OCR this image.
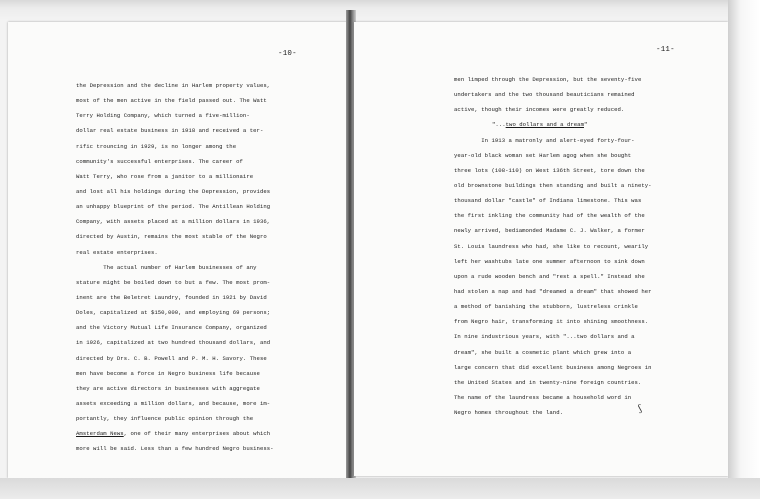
-10-
the Depression and the decline in Harlem property values,
most of the men active in the field passed out. The Watt
Terry Holding Company, which turned a five-million-
dollar real estate business in 1918 and received a ter-
rific trouncing in 1929, is no longer among the
community's successful enterprises. The career of
Watt Terry, who rose from a janitor to a millionaire
and lost all his holdings during the Depression, provides
an unhappy blueprint of the period. The Antillean Holding
Company, with assets placed at a million dollars in 1936,
directed by Austin, remains the most stable of the Negro
real estate enterprises.
The actual number of Harlem businesses of any
stature might be boiled down to but a few. The most prom-
inent are the Beletret Laundry, founded in 1921 by David
Doles, capitalized at $150,000, and employing 69 persons;
and the Victory Mutual Life Insurance Company, organized
in 1926, capitalized at two hundred thousand dollars, and
directed by Drs. C. B. Powell and P. M. H. Savory. These
men have become a force in Negro business life because
they are active directors in businesses with aggregate
assets exceeding a million dollars, and because, more im-
portantly, they influence public opinion through the
Amsterdam News, one of their many enterprises about which
more will be said. Less than a few hundred Negro business-
-11-
men limped through the Depression, but the seventy-five
undertakers and the two thousand beauticians remained
active, though their incomes were greatly reduced.
"...two dollars and a dream"
In 1913 a matronly and alert-eyed forty-four-
year-old black woman set Harlem agog when she bought
three lots (108-110) on West 136th Street, tore down the
old brownstone buildings then standing and built a ninety-
thousand dollar "castle" of Indiana limestone. This was
the first inkling the community had of the wealth of the
newly arrived, bediamonded Madame C. J. Walker, a former
St. Louis laundress who had, she like to recount, wearily
left her washtubs late one summer afternoon to sink down
upon a rude wooden bench and "rest a spell." Instead she
had stolen a nap and had "dreamed a dream" that showed her
a method of banishing the stubborn, lustreless crinkle
from Negro hair, transforming it into shining smoothness.
In nine industrious years, with "...two dollars and a
dream", she built a cosmetic plant which grew into a
large concern that did excellent business among Negroes in
the United States and in twenty-nine foreign countries.
The name of the laundress became a household word in
Negro homes throughout the land.	ʃ
